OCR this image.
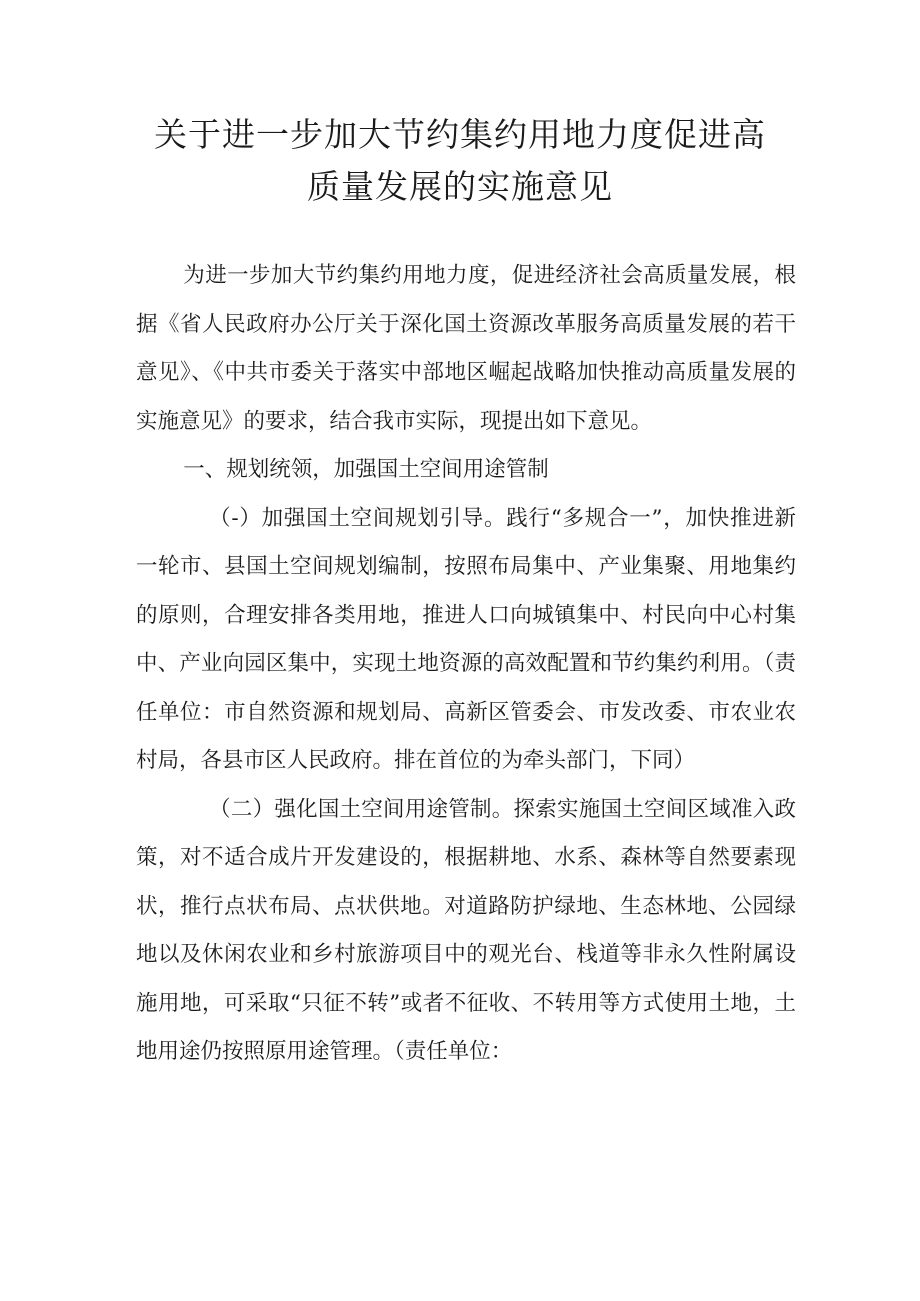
关于进一步加大节约集约用地力度促进高
质量发展的实施意见

为进一步加大节约集约用地力度，促进经济社会高质量发展，根据《省人民政府办公厅关于深化国土资源改革服务高质量发展的若干意见》、《中共市委关于落实中部地区崛起战略加快推动高质量发展的实施意见》的要求，结合我市实际，现提出如下意见。

一、规划统领，加强国土空间用途管制

（-）加强国土空间规划引导。践行“多规合一”，加快推进新一轮市、县国土空间规划编制，按照布局集中、产业集聚、用地集约的原则，合理安排各类用地，推进人口向城镇集中、村民向中心村集中、产业向园区集中，实现土地资源的高效配置和节约集约利用。（责任单位：市自然资源和规划局、高新区管委会、市发改委、市农业农村局，各县市区人民政府。排在首位的为牵头部门，下同）

（二）强化国土空间用途管制。探索实施国土空间区域准入政策，对不适合成片开发建设的，根据耕地、水系、森林等自然要素现状，推行点状布局、点状供地。对道路防护绿地、生态林地、公园绿地以及休闲农业和乡村旅游项目中的观光台、栈道等非永久性附属设施用地，可采取“只征不转”或者不征收、不转用等方式使用土地，土地用途仍按照原用途管理。（责任单位：
